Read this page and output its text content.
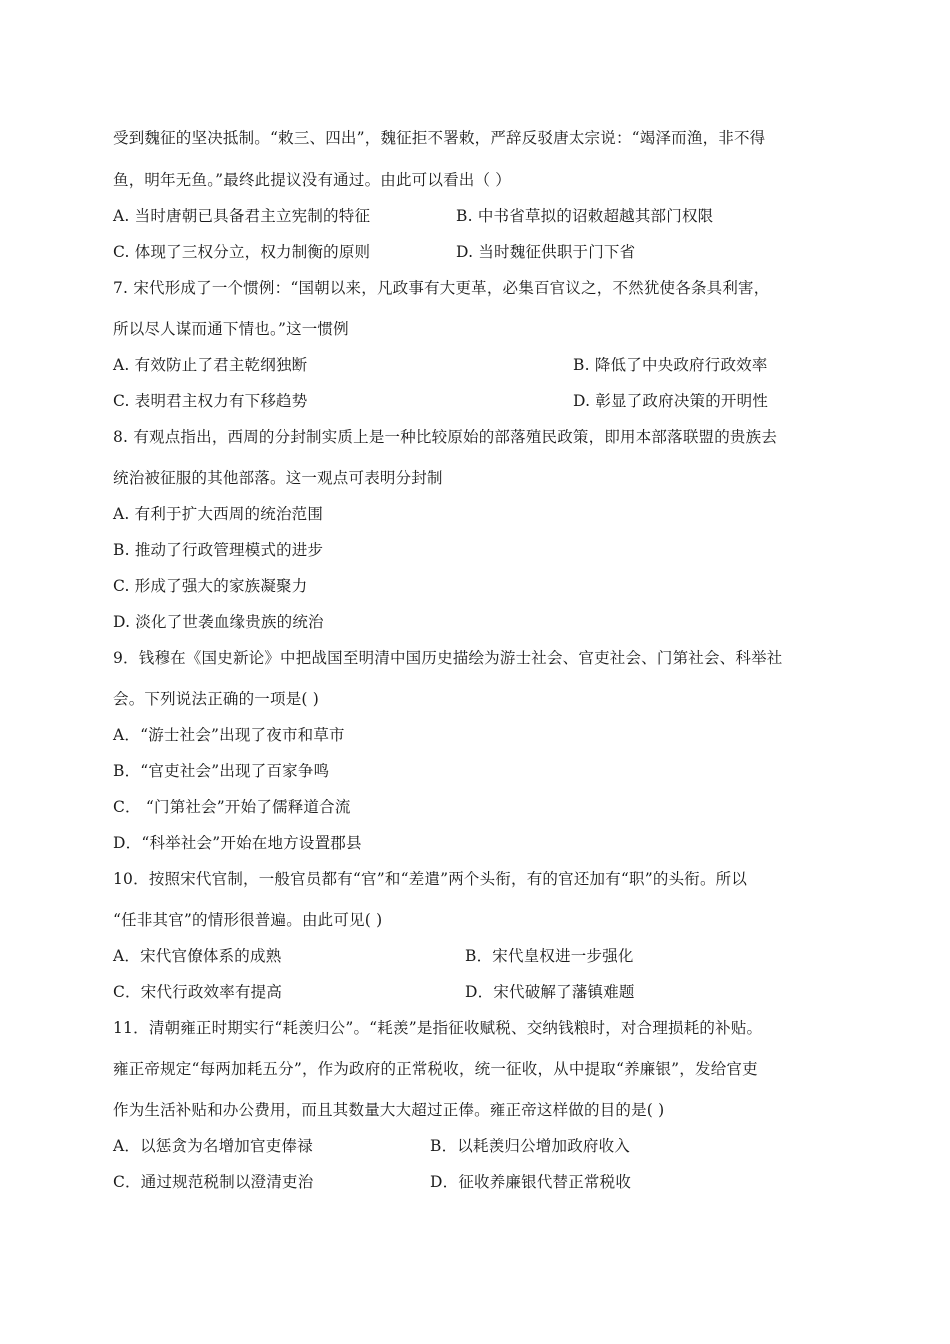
受到魏征的坚决抵制。“敕三、四出”，魏征拒不署敕，严辞反驳唐太宗说：“竭泽而渔，非不得
鱼，明年无鱼。”最终此提议没有通过。由此可以看出（ ）
A. 当时唐朝已具备君主立宪制的特征	B. 中书省草拟的诏敕超越其部门权限
C. 体现了三权分立，权力制衡的原则	D. 当时魏征供职于门下省
7. 宋代形成了一个惯例：“国朝以来，凡政事有大更革，必集百官议之，不然犹使各条具利害，
所以尽人谋而通下情也。”这一惯例
A. 有效防止了君主乾纲独断	B. 降低了中央政府行政效率
C. 表明君主权力有下移趋势	D. 彰显了政府决策的开明性
8. 有观点指出，西周的分封制实质上是一种比较原始的部落殖民政策，即用本部落联盟的贵族去
统治被征服的其他部落。这一观点可表明分封制
A. 有利于扩大西周的统治范围
B. 推动了行政管理模式的进步
C. 形成了强大的家族凝聚力
D. 淡化了世袭血缘贵族的统治
9．钱穆在《国史新论》中把战国至明清中国历史描绘为游士社会、官吏社会、门第社会、科举社
会。下列说法正确的一项是( )
A．“游士社会”出现了夜市和草市
B．“官吏社会”出现了百家争鸣
C． “门第社会”开始了儒释道合流
D．“科举社会”开始在地方设置郡县
10．按照宋代官制，一般官员都有“官”和“差遣”两个头衔，有的官还加有“职”的头衔。所以
“任非其官”的情形很普遍。由此可见( )
A．宋代官僚体系的成熟	B．宋代皇权进一步强化
C．宋代行政效率有提高	D．宋代破解了藩镇难题
11．清朝雍正时期实行“耗羡归公”。“耗羡”是指征收赋税、交纳钱粮时，对合理损耗的补贴。
雍正帝规定“每两加耗五分”，作为政府的正常税收，统一征收，从中提取“养廉银”，发给官吏
作为生活补贴和办公费用，而且其数量大大超过正俸。雍正帝这样做的目的是( )
A．以惩贪为名增加官吏俸禄	B．以耗羡归公增加政府收入
C．通过规范税制以澄清吏治	D．征收养廉银代替正常税收
